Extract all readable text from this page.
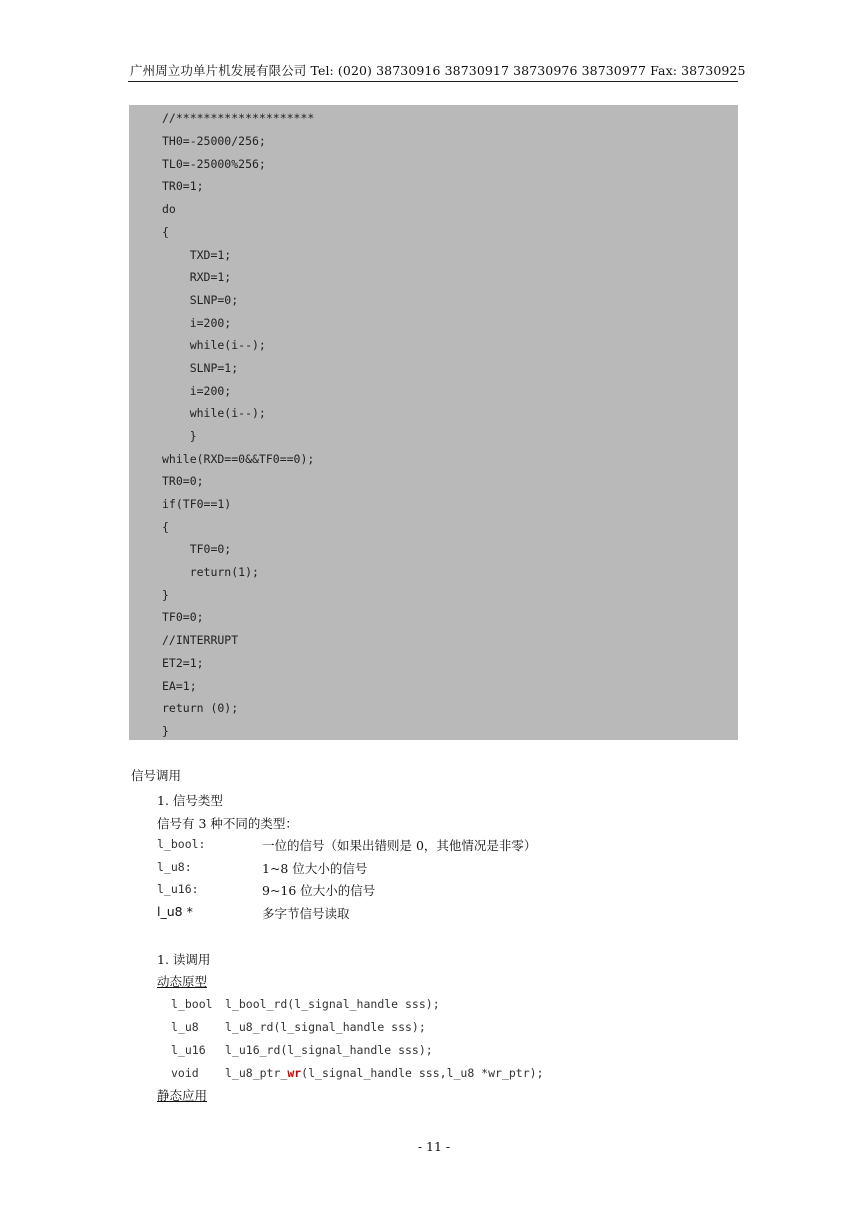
广州周立功单片机发展有限公司 Tel: (020) 38730916 38730917 38730976 38730977 Fax: 38730925
//********************
TH0=-25000/256;
TL0=-25000%256;
TR0=1;
do
{
TXD=1;
RXD=1;
SLNP=0;
i=200;
while(i--);
SLNP=1;
i=200;
while(i--);
}
while(RXD==0&&TF0==0);
TR0=0;
if(TF0==1)
{
TF0=0;
return(1);
}
TF0=0;
//INTERRUPT
ET2=1;
EA=1;
return (0);
}
信号调用
1. 信号类型
信号有 3 种不同的类型：
l_bool:	一位的信号（如果出错则是 0，其他情况是非零）
l_u8:	1~8 位大小的信号
l_u16:	9~16 位大小的信号
l_u8 *	多字节信号读取
1. 读调用
动态原型
l_bool l_bool_rd(l_signal_handle sss);
l_u8 l_u8_rd(l_signal_handle sss);
l_u16 l_u16_rd(l_signal_handle sss);
void l_u8_ptr_wr(l_signal_handle sss,l_u8 *wr_ptr);
静态应用
- 11 -
